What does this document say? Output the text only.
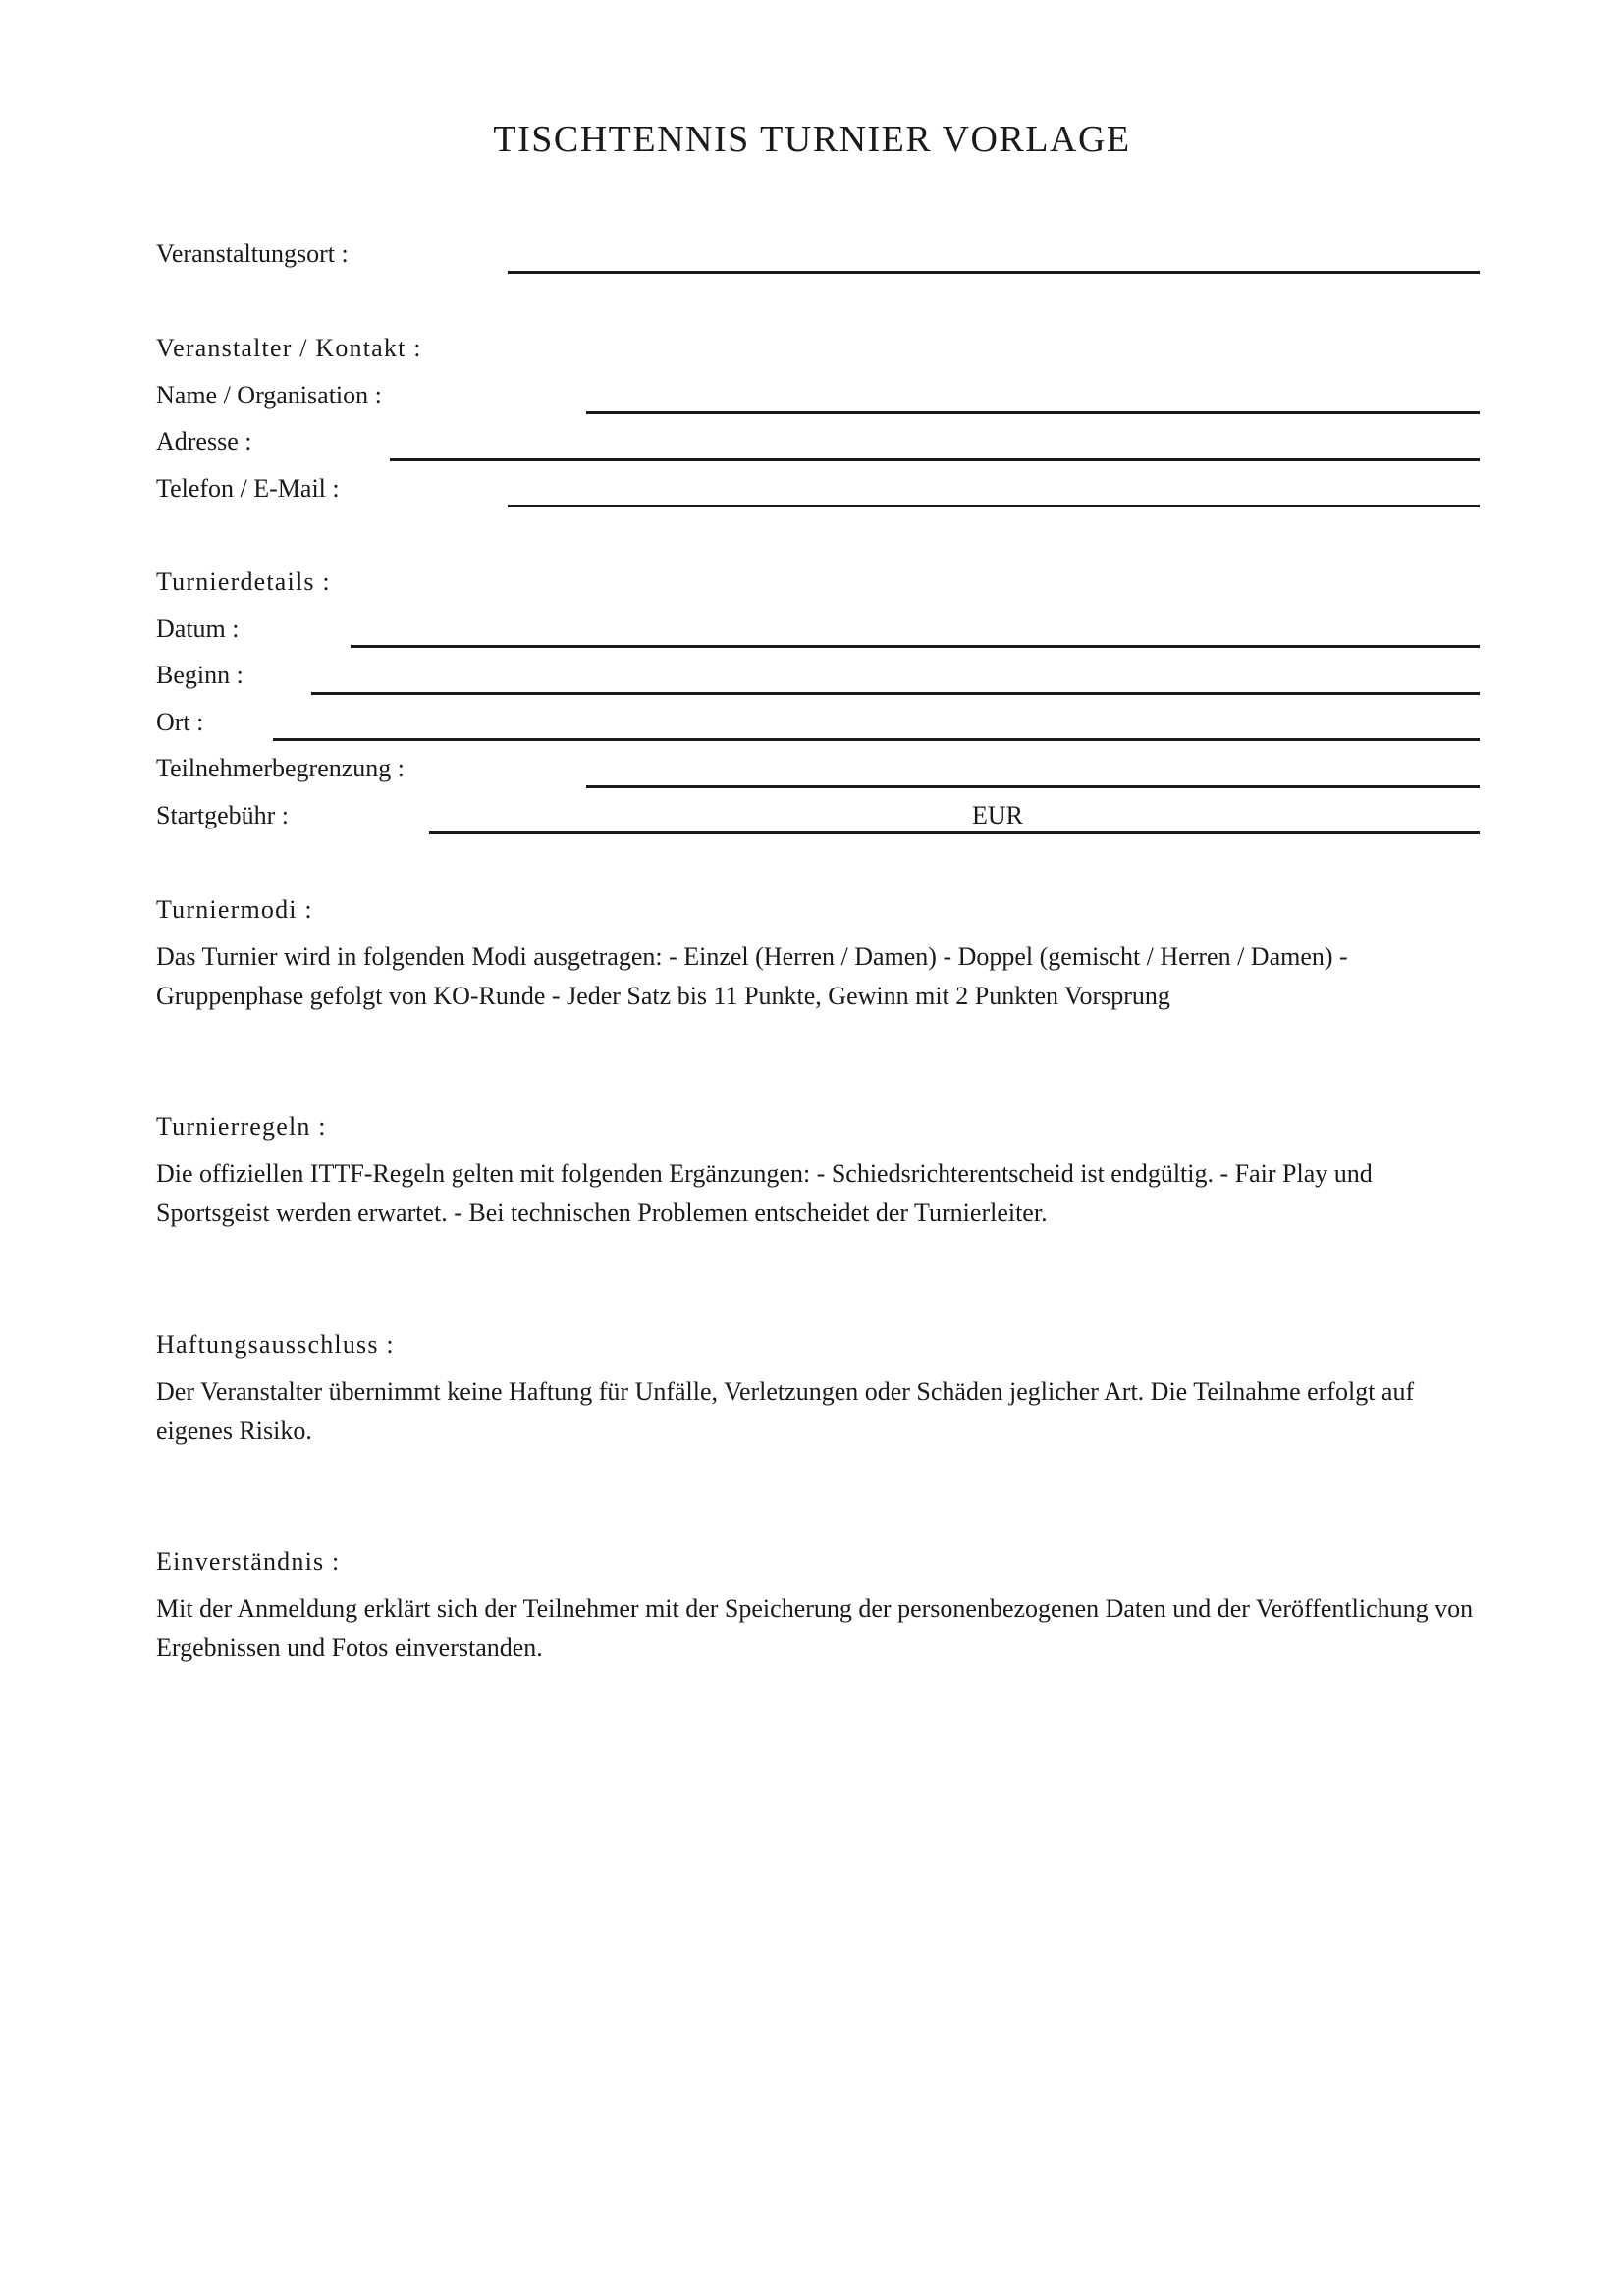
TISCHTENNIS TURNIER VORLAGE
Veranstaltungsort :
Veranstalter / Kontakt :
Name / Organisation :
Adresse :
Telefon / E-Mail :
Turnierdetails :
Datum :
Beginn :
Ort :
Teilnehmerbegrenzung :
Startgebühr :	EUR
Turniermodi :
Das Turnier wird in folgenden Modi ausgetragen: - Einzel (Herren / Damen) - Doppel (gemischt / Herren / Damen) - Gruppenphase gefolgt von KO-Runde - Jeder Satz bis 11 Punkte, Gewinn mit 2 Punkten Vorsprung
Turnierregeln :
Die offiziellen ITTF-Regeln gelten mit folgenden Ergänzungen: - Schiedsrichterentscheid ist endgültig. - Fair Play und Sportsgeist werden erwartet. - Bei technischen Problemen entscheidet der Turnierleiter.
Haftungsausschluss :
Der Veranstalter übernimmt keine Haftung für Unfälle, Verletzungen oder Schäden jeglicher Art. Die Teilnahme erfolgt auf eigenes Risiko.
Einverständnis :
Mit der Anmeldung erklärt sich der Teilnehmer mit der Speicherung der personenbezogenen Daten und der Veröffentlichung von Ergebnissen und Fotos einverstanden.
